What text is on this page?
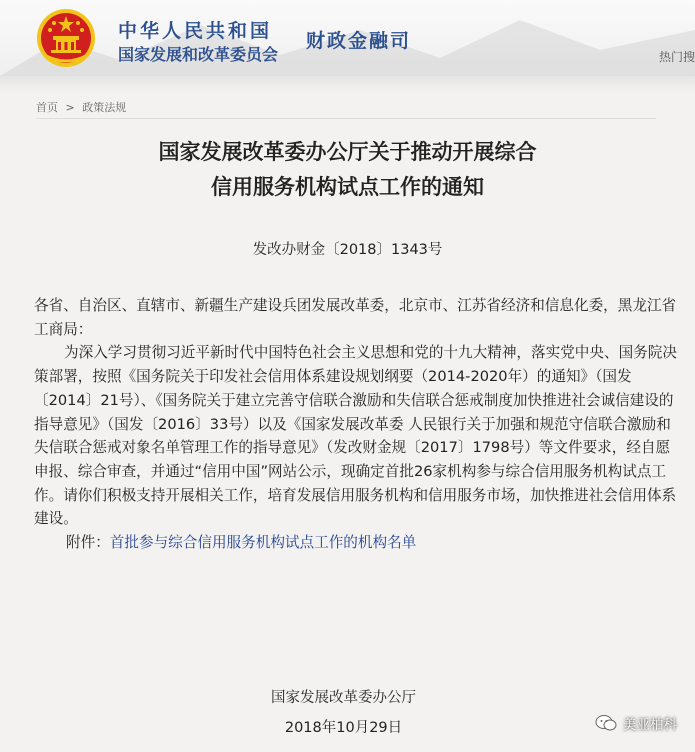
中华人民共和国
国家发展和改革委员会
财政金融司
热门搜
首页 > 政策法规
国家发展改革委办公厅关于推动开展综合
信用服务机构试点工作的通知
发改办财金〔2018〕1343号

各省、自治区、直辖市、新疆生产建设兵团发展改革委，北京市、江苏省经济和信息化委，黑龙江省工商局：

为深入学习贯彻习近平新时代中国特色社会主义思想和党的十九大精神，落实党中央、国务院决策部署，按照《国务院关于印发社会信用体系建设规划纲要（2014-2020年）的通知》（国发〔2014〕21号）、《国务院关于建立完善守信联合激励和失信联合惩戒制度加快推进社会诚信建设的指导意见》（国发〔2016〕33号）以及《国家发展改革委 人民银行关于加强和规范守信联合激励和失信联合惩戒对象名单管理工作的指导意见》（发改财金规〔2017〕1798号）等文件要求，经自愿申报、综合审查，并通过“信用中国”网站公示，现确定首批26家机构参与综合信用服务机构试点工作。请你们积极支持开展相关工作，培育发展信用服务机构和信用服务市场，加快推进社会信用体系建设。

附件：首批参与综合信用服务机构试点工作的机构名单

国家发展改革委办公厅
2018年10月29日	美亚柏科
